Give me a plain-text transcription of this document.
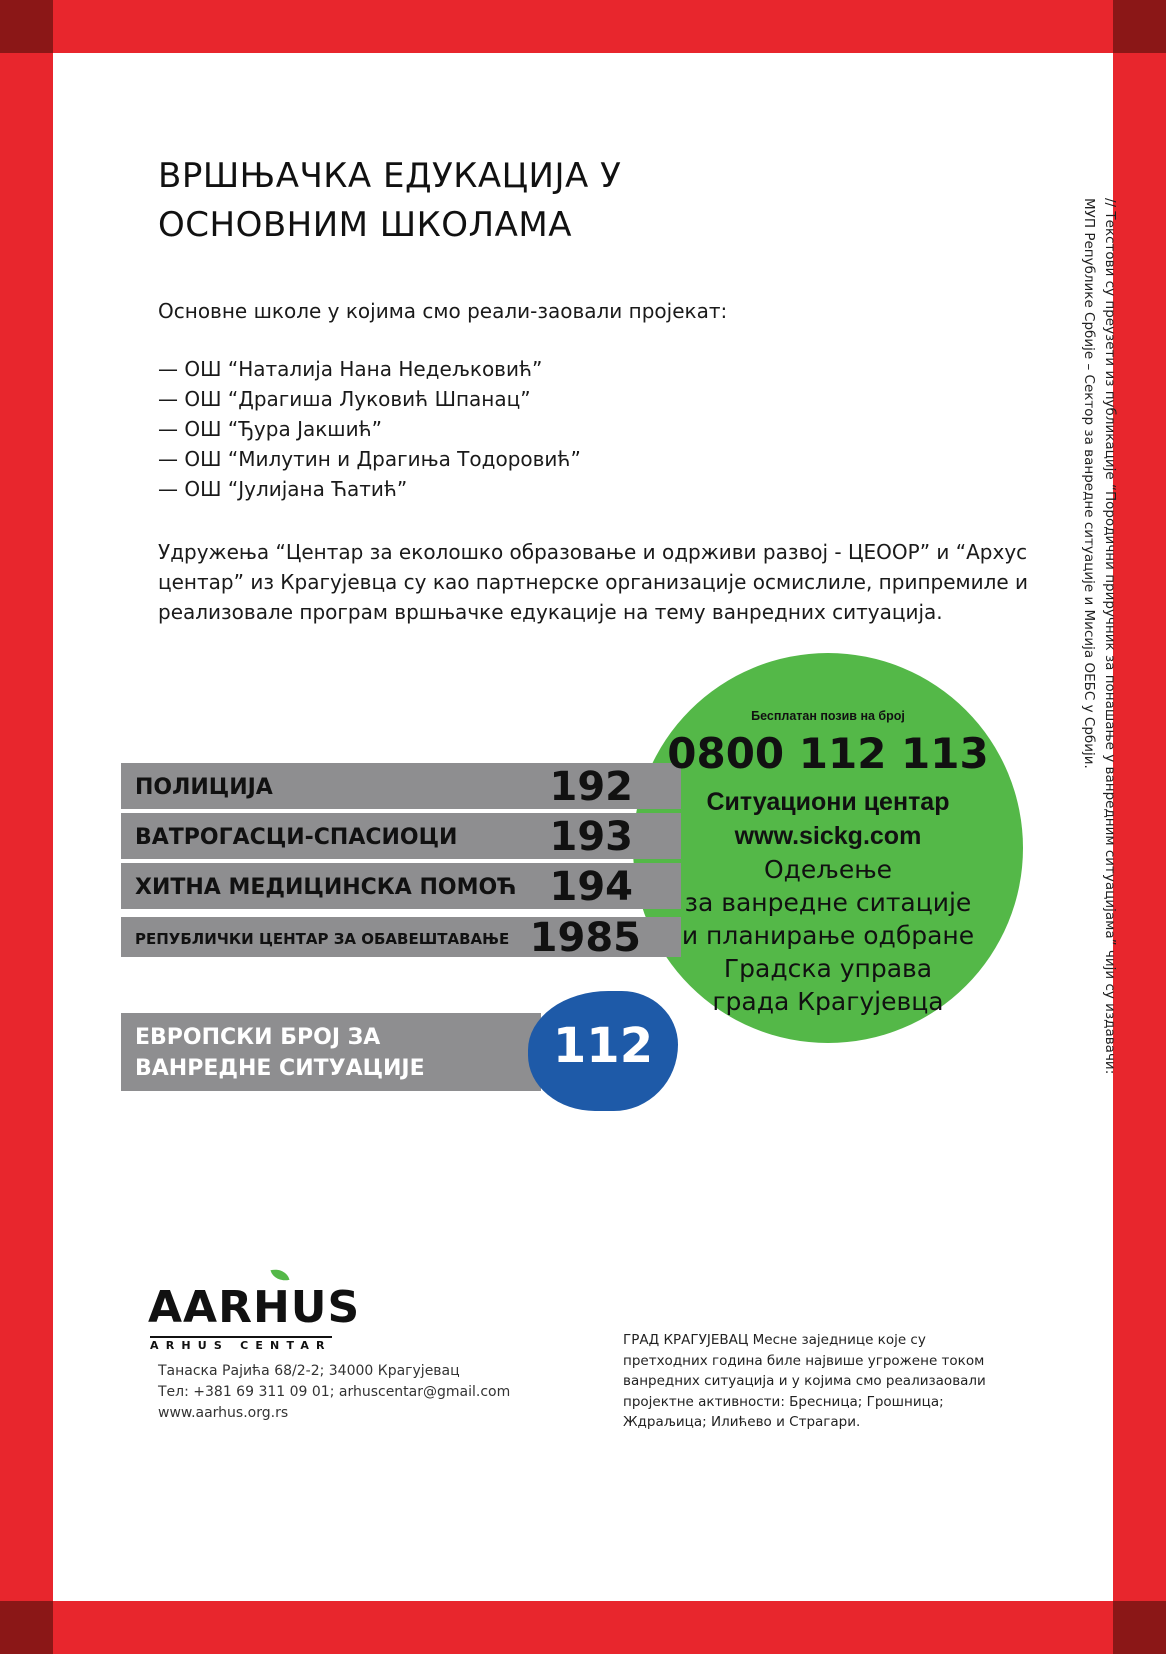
ВРШЊАЧКА ЕДУКАЦИЈА У
ОСНОВНИМ ШКОЛАМА
Основне школе у којима смо реали-заовали пројекат:
— ОШ “Наталија Нана Недељковић”
— ОШ “Драгиша Луковић Шпанац”
— ОШ “Ђура Јакшић”
— ОШ “Милутин и Драгиња Тодоровић”
— ОШ “Јулијана Ћатић”
Удружења “Центар за еколошко образовање и одрживи развој - ЦЕООР” и “Архус центар” из Крагујевца су као партнерске организације осмислиле, припремиле и реализовале програм вршњачке едукације на тему ванредних ситуација.	// Текстови су преузети из публикације “Породични приручник за понашање у ванредним ситуацијама” чији су издавачи:
МУП Републике Србије – Сектор за ванредне ситуације и Мисија ОЕБС у Србији.
ПОЛИЦИЈА	192
ВАТРОГАСЦИ-СПАСИОЦИ 193
ХИТНА МЕДИЦИНСКА ПОМОЋ 194
РЕПУБЛИЧКИ ЦЕНТАР ЗА ОБАВЕШТАВАЊЕ 1985
Бесплатан позив на број
0800 112 113
Ситуациони центар
www.sickg.com
Одељење
за ванредне ситације
и планирање одбране
Градска управа
града Крагујевца
ЕВРОПСКИ БРОЈ ЗА
ВАНРЕДНЕ СИТУАЦИЈЕ	112
AARHUS
ARHUS CENTAR
Танаска Рајића 68/2-2; 34000 Крагујевац
Тел: +381 69 311 09 01; arhuscentar@gmail.com
www.aarhus.org.rs
ГРАД КРАГУЈЕВАЦ Месне заједнице које су претходних година биле највише угрожене током ванредних ситуација и у којима смо реализаовали пројектне активности: Бресница; Грошница; Ждраљица; Илићево и Страгари.
